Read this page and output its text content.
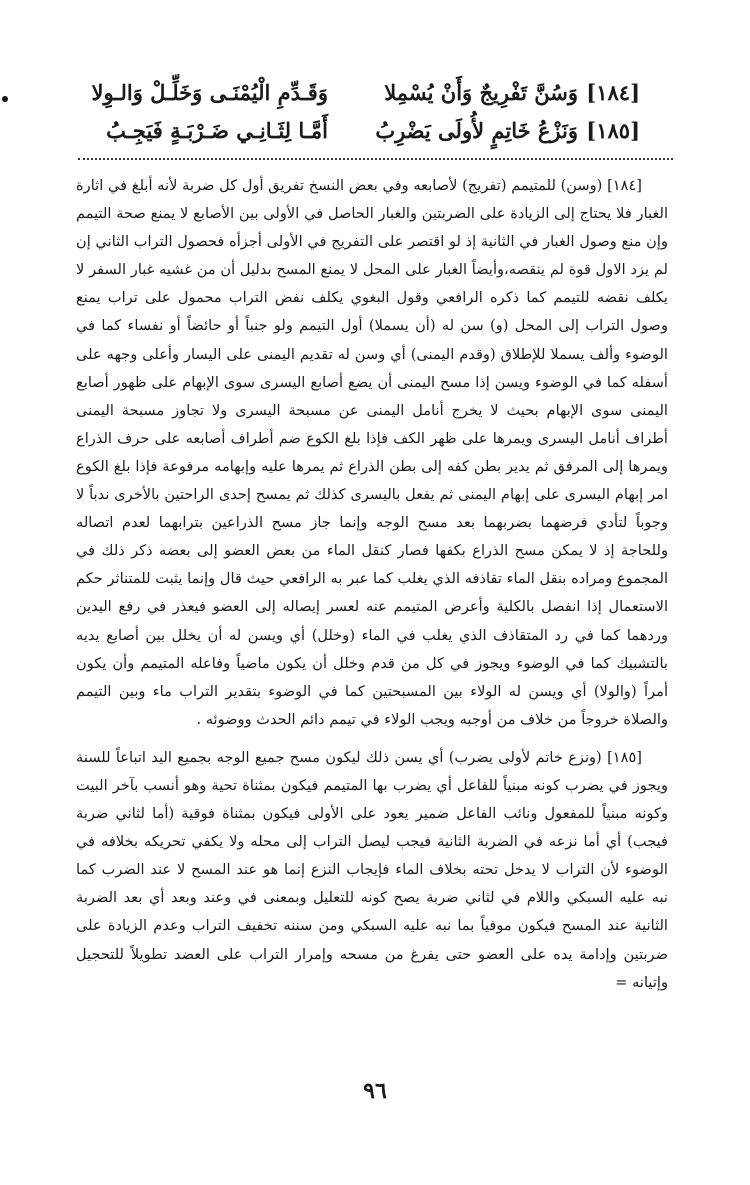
[١٨٤]
وَسُنَّ تَفْرِيجٌ وَأَنْ يُسْمِلا
وَقَـدِّمِ الْيُمْنَـى وَخَلِّـلْ وَالـوِلا
[١٨٥]
وَنَزْعُ خَاتِمٍ لأُولَى يَضْرِبُ
أَمَّـا لِثَـانِـي ضَـرْبَـةٍ فَيَجِـبُ

[١٨٤] (وسن) للمتيمم (تفريج) لأصابعه وفي بعض النسخ تفريق أول كل ضربة لأنه أبلغ في اثارة الغبار فلا يحتاج إلى الزيادة على الضربتين والغبار الحاصل في الأولى بين الأصابع لا يمنع صحة التيمم وإن منع وصول الغبار في الثانية إذ لو اقتصر على التفريج في الأولى أجزأه فحصول التراب الثاني إن لم يزد الاول قوة لم ينقصه،وأيضاً الغبار على المحل لا يمنع المسح بدليل أن من غشيه غبار السفر لا يكلف نقضه للتيمم كما ذكره الرافعي وقول البغوي يكلف نفض التراب محمول على تراب يمنع وصول التراب إلى المحل (و) سن له (أن يسملا) أول التيمم ولو جنباً أو حائضاً أو نفساء كما في الوضوء وألف يسملا للإطلاق (وقدم اليمنى) أي وسن له تقديم اليمنى على اليسار وأعلى وجهه على أسفله كما في الوضوء ويسن إذا مسح اليمنى أن يضع أصابع اليسرى سوى الإبهام على ظهور أصابع اليمنى سوى الإبهام بحيث لا يخرج أنامل اليمنى عن مسبحة اليسرى ولا تجاوز مسبحة اليمنى أطراف أنامل اليسرى ويمرها على ظهر الكف فإذا بلغ الكوع ضم أطراف أصابعه على حرف الذراع ويمرها إلى المرفق ثم يدير بطن كفه إلى بطن الذراع ثم يمرها عليه وإبهامه مرفوعة فإذا بلغ الكوع امر إبهام اليسرى على إبهام اليمنى ثم يفعل باليسرى كذلك ثم يمسح إحدى الراحتين بالأخرى ندباً لا وجوباً لتأدي فرضهما بضربهما بعد مسح الوجه وإنما جاز مسح الذراعين بترابهما لعدم اتصاله وللحاجة إذ لا يمكن مسح الذراع بكفها فصار كنقل الماء من بعض العضو إلى بعضه ذكر ذلك في المجموع ومراده بنقل الماء تقاذفه الذي يغلب كما عبر به الرافعي حيث قال وإنما يثبت للمتناثر حكم الاستعمال إذا انفصل بالكلية وأعرض المتيمم عنه لعسر إيصاله إلى العضو فيعذر في رفع اليدين وردهما كما في رد المتقاذف الذي يغلب في الماء (وخلل) أي ويسن له أن يخلل بين أصابع يديه بالتشبيك كما في الوضوء ويجوز في كل من قدم وخلل أن يكون ماضياً وفاعله المتيمم وأن يكون أمراً (والولا) أي ويسن له الولاء بين المسبحتين كما في الوضوء بتقدير التراب ماء وبين التيمم والصلاة خروجاً من خلاف من أوجبه ويجب الولاء في تيمم دائم الحدث ووضوئه .

[١٨٥] (ونزع خاتم لأولى يضرب) أي يسن ذلك ليكون مسح جميع الوجه بجميع اليد اتباعاً للسنة ويجوز في يضرب كونه مبنياً للفاعل أي يضرب بها المتيمم فيكون بمثناة تحية وهو أنسب بآخر البيت وكونه مبنياً للمفعول ونائب الفاعل ضمير يعود على الأولى فيكون بمثناة فوقية (أما لثاني ضربة فيجب) أي أما نزعه في الضربة الثانية فيجب ليصل التراب إلى محله ولا يكفي تحريكه بخلافه في الوضوء لأن التراب لا يدخل تحته بخلاف الماء فإيجاب النزع إنما هو عند المسح لا عند الضرب كما نبه عليه السبكي واللام في لثاني ضربة يصح كونه للتعليل وبمعنى في وعند وبعد أي بعد الضربة الثانية عند المسح فيكون موفياً بما نبه عليه السبكي ومن سننه تخفيف التراب وعدم الزيادة على ضربتين وإدامة يده على العضو حتى يفرغ من مسحه وإمرار التراب على العضد تطويلاً للتحجيل وإتيانه =

٩٦
